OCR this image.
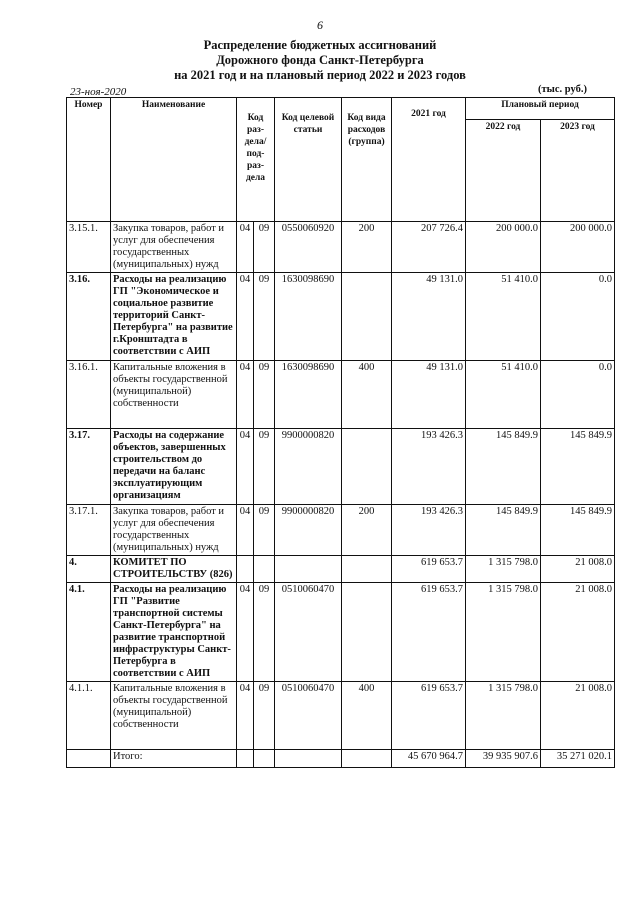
6
Распределение бюджетных ассигнований
Дорожного фонда Санкт-Петербурга
на 2021 год и на плановый период 2022 и 2023 годов
23-ноя-2020	(тыс. руб.)
Номер	Наименование	Код раз-дела/ под-раз-дела		Код целевой статьи	Код вида расходов (группа)	2021 год	Плановый период	
							2022 год	2023 год
3.15.1.	Закупка товаров, работ и услуг для обеспечения государственных (муниципальных) нужд	04	09	0550060920	200	207 726.4	200 000.0	200 000.0
3.16.	Расходы на реализацию ГП "Экономическое и социальное развитие территорий Санкт-Петербурга" на развитие г.Кронштадта в соответствии с АИП	04	09	1630098690		49 131.0	51 410.0	0.0
3.16.1.	Капитальные вложения в объекты государственной (муниципальной) собственности	04	09	1630098690	400	49 131.0	51 410.0	0.0
3.17.	Расходы на содержание объектов, завершенных строительством до передачи на баланс эксплуатирующим организациям	04	09	9900000820		193 426.3	145 849.9	145 849.9
3.17.1.	Закупка товаров, работ и услуг для обеспечения государственных (муниципальных) нужд	04	09	9900000820	200	193 426.3	145 849.9	145 849.9
4.	КОМИТЕТ ПО СТРОИТЕЛЬСТВУ (826)					619 653.7	1 315 798.0	21 008.0
4.1.	Расходы на реализацию ГП "Развитие транспортной системы Санкт-Петербурга" на развитие транспортной инфраструктуры Санкт-Петербурга в соответствии с АИП	04	09	0510060470		619 653.7	1 315 798.0	21 008.0
4.1.1.	Капитальные вложения в объекты государственной (муниципальной) собственности	04	09	0510060470	400	619 653.7	1 315 798.0	21 008.0
	Итого:					45 670 964.7	39 935 907.6	35 271 020.1
